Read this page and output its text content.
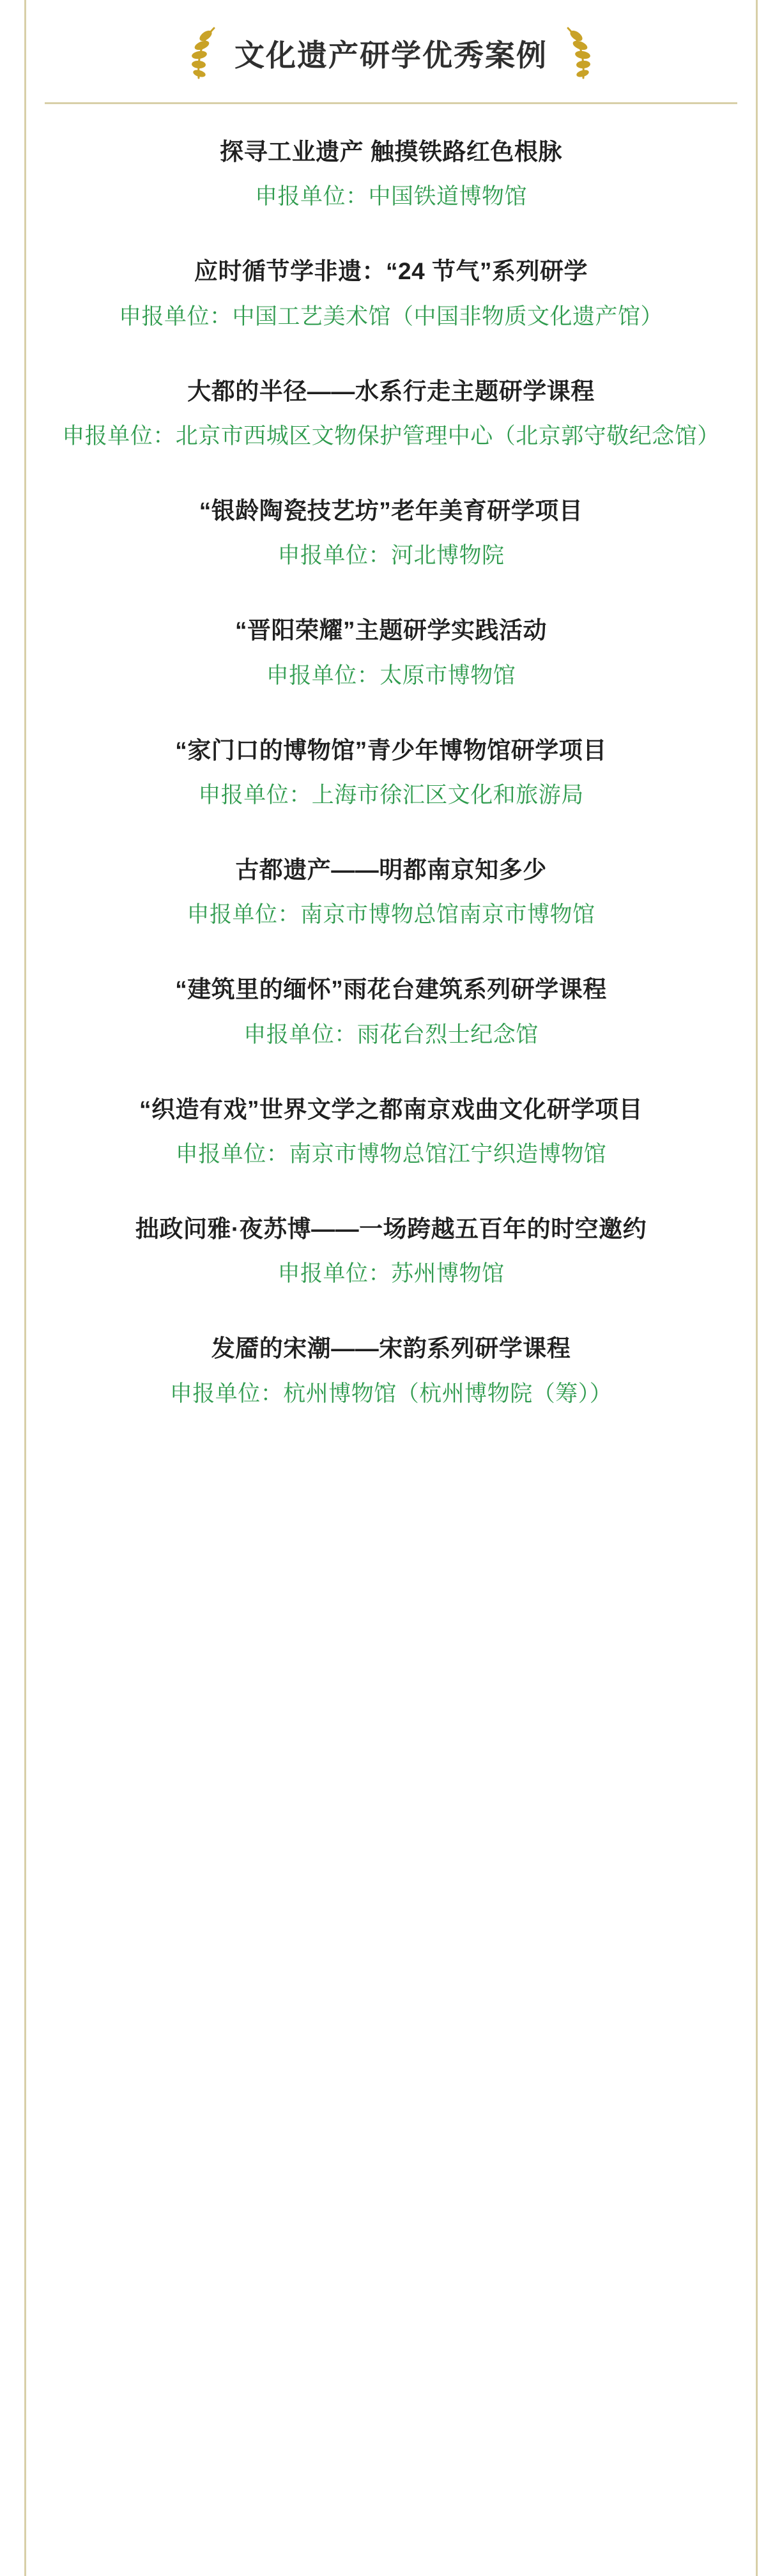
文化遗产研学优秀案例
探寻工业遗产 触摸铁路红色根脉
申报单位：中国铁道博物馆
应时循节学非遗：“24 节气”系列研学
申报单位：中国工艺美术馆（中国非物质文化遗产馆）
大都的半径——水系行走主题研学课程
申报单位：北京市西城区文物保护管理中心（北京郭守敬纪念馆）
“银龄陶瓷技艺坊”老年美育研学项目
申报单位：河北博物院
“晋阳荣耀”主题研学实践活动
申报单位：太原市博物馆
“家门口的博物馆”青少年博物馆研学项目
申报单位：上海市徐汇区文化和旅游局
古都遗产——明都南京知多少
申报单位：南京市博物总馆南京市博物馆
“建筑里的缅怀”雨花台建筑系列研学课程
申报单位：雨花台烈士纪念馆
“织造有戏”世界文学之都南京戏曲文化研学项目
申报单位：南京市博物总馆江宁织造博物馆
拙政问雅·夜苏博——一场跨越五百年的时空邀约
申报单位：苏州博物馆
发靥的宋潮——宋韵系列研学课程
申报单位：杭州博物馆（杭州博物院（筹））
